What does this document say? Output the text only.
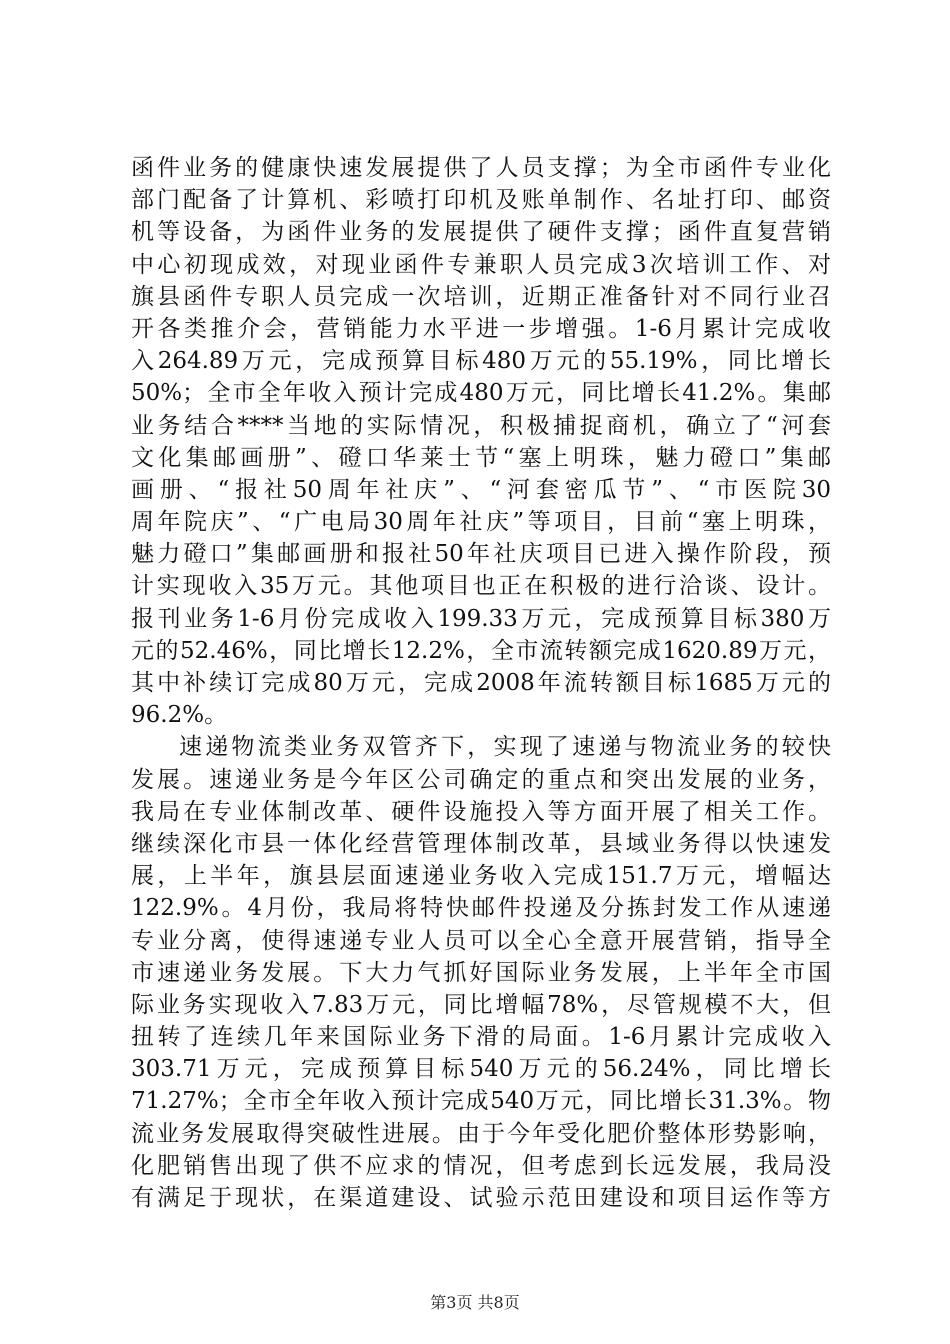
函件业务的健康快速发展提供了人员支撑；为全市函件专业化
部门配备了计算机、彩喷打印机及账单制作、名址打印、邮资
机等设备，为函件业务的发展提供了硬件支撑；函件直复营销
中心初现成效，对现业函件专兼职人员完成3次培训工作、对
旗县函件专职人员完成一次培训，近期正准备针对不同行业召
开各类推介会，营销能力水平进一步增强。1-6月累计完成收
入264.89万元，完成预算目标480万元的55.19%，同比增长
50%；全市全年收入预计完成480万元，同比增长41.2%。集邮
业务结合****当地的实际情况，积极捕捉商机，确立了“河套
文化集邮画册”、磴口华莱士节“塞上明珠，魅力磴口”集邮
画册、“报社50周年社庆”、“河套密瓜节”、“市医院30
周年院庆”、“广电局30周年社庆”等项目，目前“塞上明珠，
魅力磴口”集邮画册和报社50年社庆项目已进入操作阶段，预
计实现收入35万元。其他项目也正在积极的进行洽谈、设计。
报刊业务1-6月份完成收入199.33万元，完成预算目标380万
元的52.46%，同比增长12.2%，全市流转额完成1620.89万元，
其中补续订完成80万元，完成2008年流转额目标1685万元的
96.2%。
速递物流类业务双管齐下，实现了速递与物流业务的较快
发展。速递业务是今年区公司确定的重点和突出发展的业务，
我局在专业体制改革、硬件设施投入等方面开展了相关工作。
继续深化市县一体化经营管理体制改革，县域业务得以快速发
展，上半年，旗县层面速递业务收入完成151.7万元，增幅达
122.9%。4月份，我局将特快邮件投递及分拣封发工作从速递
专业分离，使得速递专业人员可以全心全意开展营销，指导全
市速递业务发展。下大力气抓好国际业务发展，上半年全市国
际业务实现收入7.83万元，同比增幅78%，尽管规模不大，但
扭转了连续几年来国际业务下滑的局面。1-6月累计完成收入
303.71万元，完成预算目标540万元的56.24%，同比增长
71.27%；全市全年收入预计完成540万元，同比增长31.3%。物
流业务发展取得突破性进展。由于今年受化肥价整体形势影响，
化肥销售出现了供不应求的情况，但考虑到长远发展，我局没
有满足于现状，在渠道建设、试验示范田建设和项目运作等方
第3页 共8页
